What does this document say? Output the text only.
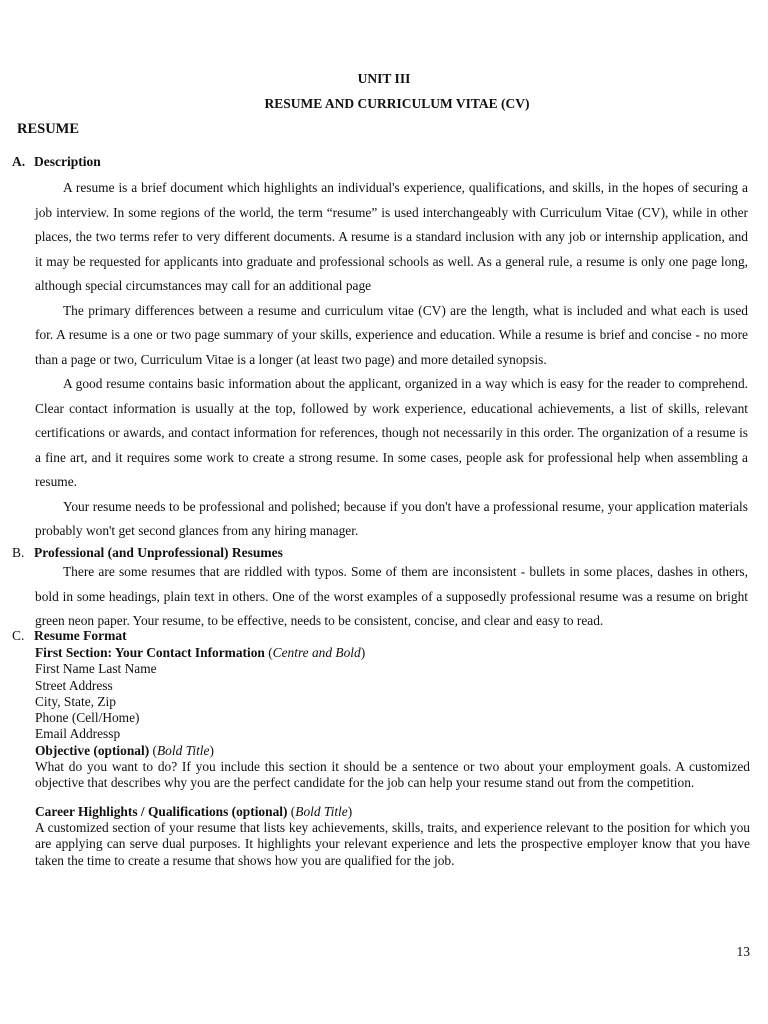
UNIT III
RESUME AND CURRICULUM VITAE (CV)
RESUME
A. Description

A resume is a brief document which highlights an individual's experience, qualifications, and skills, in the hopes of securing a job interview. In some regions of the world, the term “resume” is used interchangeably with Curriculum Vitae (CV), while in other places, the two terms refer to very different documents. A resume is a standard inclusion with any job or internship application, and it may be requested for applicants into graduate and professional schools as well. As a general rule, a resume is only one page long, although special circumstances may call for an additional page

The primary differences between a resume and curriculum vitae (CV) are the length, what is included and what each is used for. A resume is a one or two page summary of your skills, experience and education. While a resume is brief and concise - no more than a page or two, Curriculum Vitae is a longer (at least two page) and more detailed synopsis.

A good resume contains basic information about the applicant, organized in a way which is easy for the reader to comprehend. Clear contact information is usually at the top, followed by work experience, educational achievements, a list of skills, relevant certifications or awards, and contact information for references, though not necessarily in this order. The organization of a resume is a fine art, and it requires some work to create a strong resume. In some cases, people ask for professional help when assembling a resume.

Your resume needs to be professional and polished; because if you don't have a professional resume, your application materials probably won't get second glances from any hiring manager.

B. Professional (and Unprofessional) Resumes

There are some resumes that are riddled with typos. Some of them are inconsistent - bullets in some places, dashes in others, bold in some headings, plain text in others. One of the worst examples of a supposedly professional resume was a resume on bright green neon paper. Your resume, to be effective, needs to be consistent, concise, and clear and easy to read.

C. Resume Format
First Section: Your Contact Information (Centre and Bold)
First Name Last Name
Street Address
City, State, Zip
Phone (Cell/Home)
Email Addressp
Objective (optional) (Bold Title)
What do you want to do? If you include this section it should be a sentence or two about your employment goals. A customized objective that describes why you are the perfect candidate for the job can help your resume stand out from the competition.
Career Highlights / Qualifications (optional) (Bold Title)
A customized section of your resume that lists key achievements, skills, traits, and experience relevant to the position for which you are applying can serve dual purposes. It highlights your relevant experience and lets the prospective employer know that you have taken the time to create a resume that shows how you are qualified for the job.
13
